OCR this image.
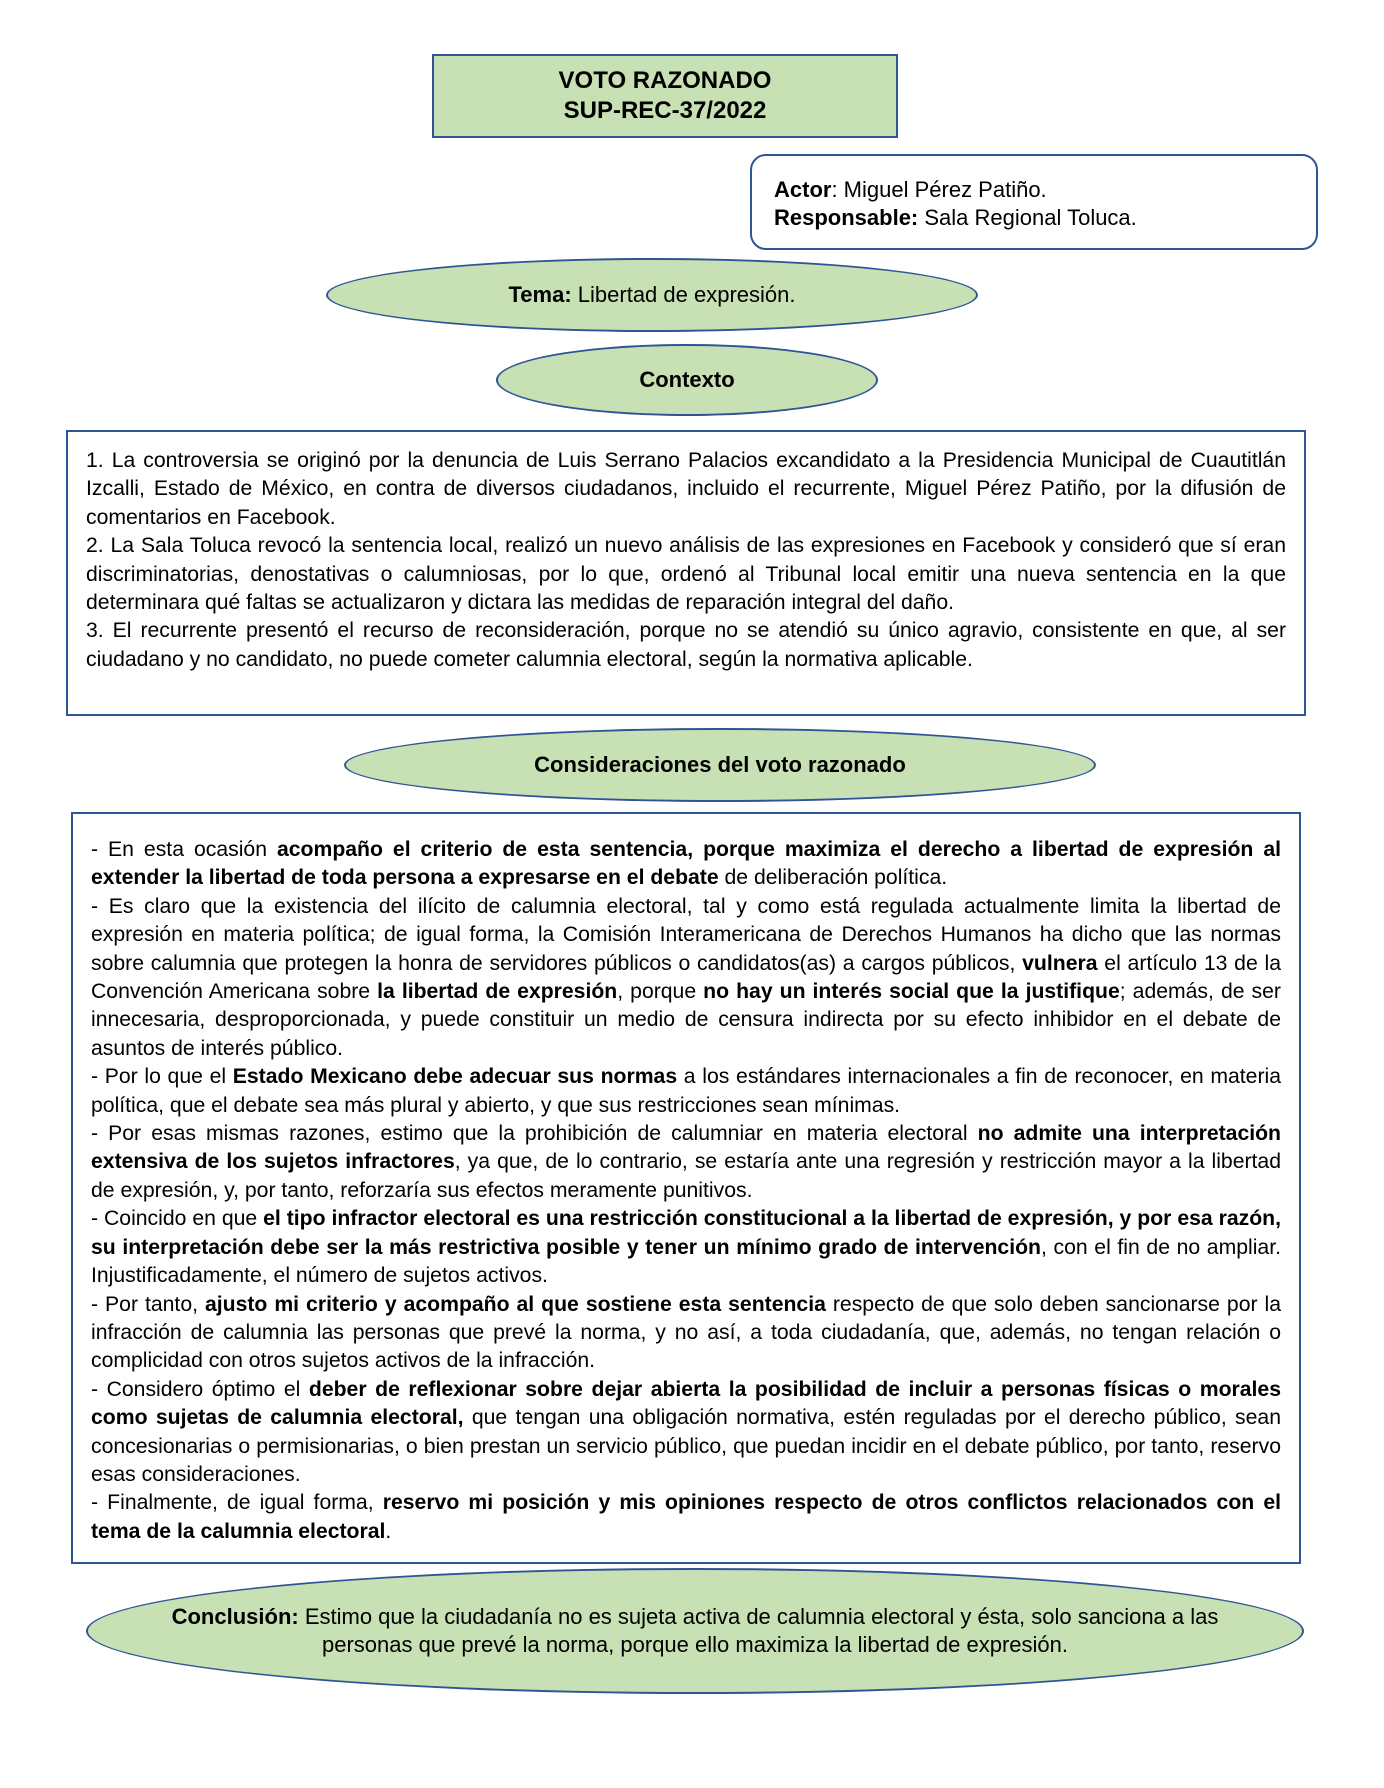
VOTO RAZONADO
SUP-REC-37/2022
Actor: Miguel Pérez Patiño.
Responsable: Sala Regional Toluca.
Tema: Libertad de expresión.
Contexto

1. La controversia se originó por la denuncia de Luis Serrano Palacios excandidato a la Presidencia Municipal de Cuautitlán Izcalli, Estado de México, en contra de diversos ciudadanos, incluido el recurrente, Miguel Pérez Patiño, por la difusión de comentarios en Facebook.

2. La Sala Toluca revocó la sentencia local, realizó un nuevo análisis de las expresiones en Facebook y consideró que sí eran discriminatorias, denostativas o calumniosas, por lo que, ordenó al Tribunal local emitir una nueva sentencia en la que determinara qué faltas se actualizaron y dictara las medidas de reparación integral del daño.

3. El recurrente presentó el recurso de reconsideración, porque no se atendió su único agravio, consistente en que, al ser ciudadano y no candidato, no puede cometer calumnia electoral, según la normativa aplicable.

Consideraciones del voto razonado

- En esta ocasión acompaño el criterio de esta sentencia, porque maximiza el derecho a libertad de expresión al extender la libertad de toda persona a expresarse en el debate de deliberación política.

- Es claro que la existencia del ilícito de calumnia electoral, tal y como está regulada actualmente limita la libertad de expresión en materia política; de igual forma, la Comisión Interamericana de Derechos Humanos ha dicho que las normas sobre calumnia que protegen la honra de servidores públicos o candidatos(as) a cargos públicos, vulnera el artículo 13 de la Convención Americana sobre la libertad de expresión, porque no hay un interés social que la justifique; además, de ser innecesaria, desproporcionada, y puede constituir un medio de censura indirecta por su efecto inhibidor en el debate de asuntos de interés público.

- Por lo que el Estado Mexicano debe adecuar sus normas a los estándares internacionales a fin de reconocer, en materia política, que el debate sea más plural y abierto, y que sus restricciones sean mínimas.

- Por esas mismas razones, estimo que la prohibición de calumniar en materia electoral no admite una interpretación extensiva de los sujetos infractores, ya que, de lo contrario, se estaría ante una regresión y restricción mayor a la libertad de expresión, y, por tanto, reforzaría sus efectos meramente punitivos.

- Coincido en que el tipo infractor electoral es una restricción constitucional a la libertad de expresión, y por esa razón, su interpretación debe ser la más restrictiva posible y tener un mínimo grado de intervención, con el fin de no ampliar. Injustificadamente, el número de sujetos activos.

- Por tanto, ajusto mi criterio y acompaño al que sostiene esta sentencia respecto de que solo deben sancionarse por la infracción de calumnia las personas que prevé la norma, y no así, a toda ciudadanía, que, además, no tengan relación o complicidad con otros sujetos activos de la infracción.

- Considero óptimo el deber de reflexionar sobre dejar abierta la posibilidad de incluir a personas físicas o morales como sujetas de calumnia electoral, que tengan una obligación normativa, estén reguladas por el derecho público, sean concesionarias o permisionarias, o bien prestan un servicio público, que puedan incidir en el debate público, por tanto, reservo esas consideraciones.

- Finalmente, de igual forma, reservo mi posición y mis opiniones respecto de otros conflictos relacionados con el tema de la calumnia electoral.

Conclusión: Estimo que la ciudadanía no es sujeta activa de calumnia electoral y ésta, solo sanciona a las personas que prevé la norma, porque ello maximiza la libertad de expresión.
